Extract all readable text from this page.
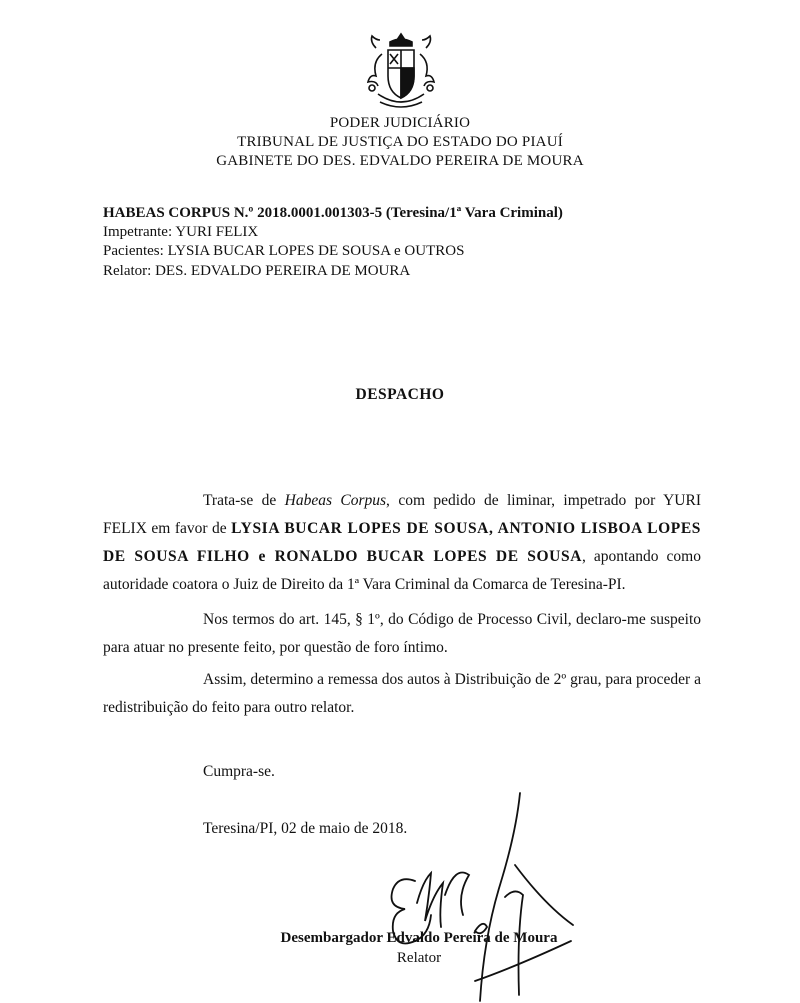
PODER JUDICIÁRIO
TRIBUNAL DE JUSTIÇA DO ESTADO DO PIAUÍ
GABINETE DO DES. EDVALDO PEREIRA DE MOURA
HABEAS CORPUS N.º 2018.0001.001303-5 (Teresina/1ª Vara Criminal)
Impetrante: YURI FELIX
Pacientes: LYSIA BUCAR LOPES DE SOUSA e OUTROS
Relator: DES. EDVALDO PEREIRA DE MOURA
DESPACHO
Trata-se de Habeas Corpus, com pedido de liminar, impetrado por YURI FELIX em favor de LYSIA BUCAR LOPES DE SOUSA, ANTONIO LISBOA LOPES DE SOUSA FILHO e RONALDO BUCAR LOPES DE SOUSA, apontando como autoridade coatora o Juiz de Direito da 1ª Vara Criminal da Comarca de Teresina-PI.
Nos termos do art. 145, § 1º, do Código de Processo Civil, declaro-me suspeito para atuar no presente feito, por questão de foro íntimo.
Assim, determino a remessa dos autos à Distribuição de 2º grau, para proceder a redistribuição do feito para outro relator.
Cumpra-se.
Teresina/PI, 02 de maio de 2018.
Desembargador Edvaldo Pereira de Moura
Relator
